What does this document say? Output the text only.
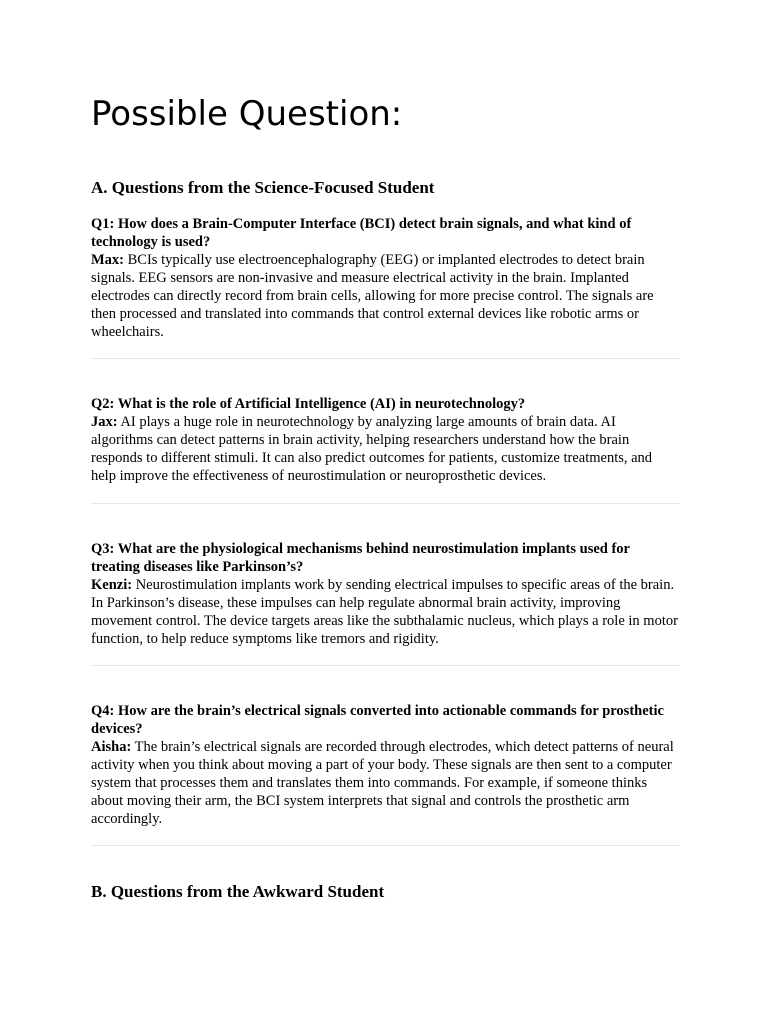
Possible Question:
A. Questions from the Science-Focused Student

Q1: How does a Brain-Computer Interface (BCI) detect brain signals, and what kind of technology is used?

Max: BCIs typically use electroencephalography (EEG) or implanted electrodes to detect brain signals. EEG sensors are non-invasive and measure electrical activity in the brain. Implanted electrodes can directly record from brain cells, allowing for more precise control. The signals are then processed and translated into commands that control external devices like robotic arms or wheelchairs.

Q2: What is the role of Artificial Intelligence (AI) in neurotechnology?

Jax: AI plays a huge role in neurotechnology by analyzing large amounts of brain data. AI algorithms can detect patterns in brain activity, helping researchers understand how the brain responds to different stimuli. It can also predict outcomes for patients, customize treatments, and help improve the effectiveness of neurostimulation or neuroprosthetic devices.

Q3: What are the physiological mechanisms behind neurostimulation implants used for treating diseases like Parkinson’s?

Kenzi: Neurostimulation implants work by sending electrical impulses to specific areas of the brain. In Parkinson’s disease, these impulses can help regulate abnormal brain activity, improving movement control. The device targets areas like the subthalamic nucleus, which plays a role in motor function, to help reduce symptoms like tremors and rigidity.

Q4: How are the brain’s electrical signals converted into actionable commands for prosthetic devices?

Aisha: The brain’s electrical signals are recorded through electrodes, which detect patterns of neural activity when you think about moving a part of your body. These signals are then sent to a computer system that processes them and translates them into commands. For example, if someone thinks about moving their arm, the BCI system interprets that signal and controls the prosthetic arm accordingly.

B. Questions from the Awkward Student
